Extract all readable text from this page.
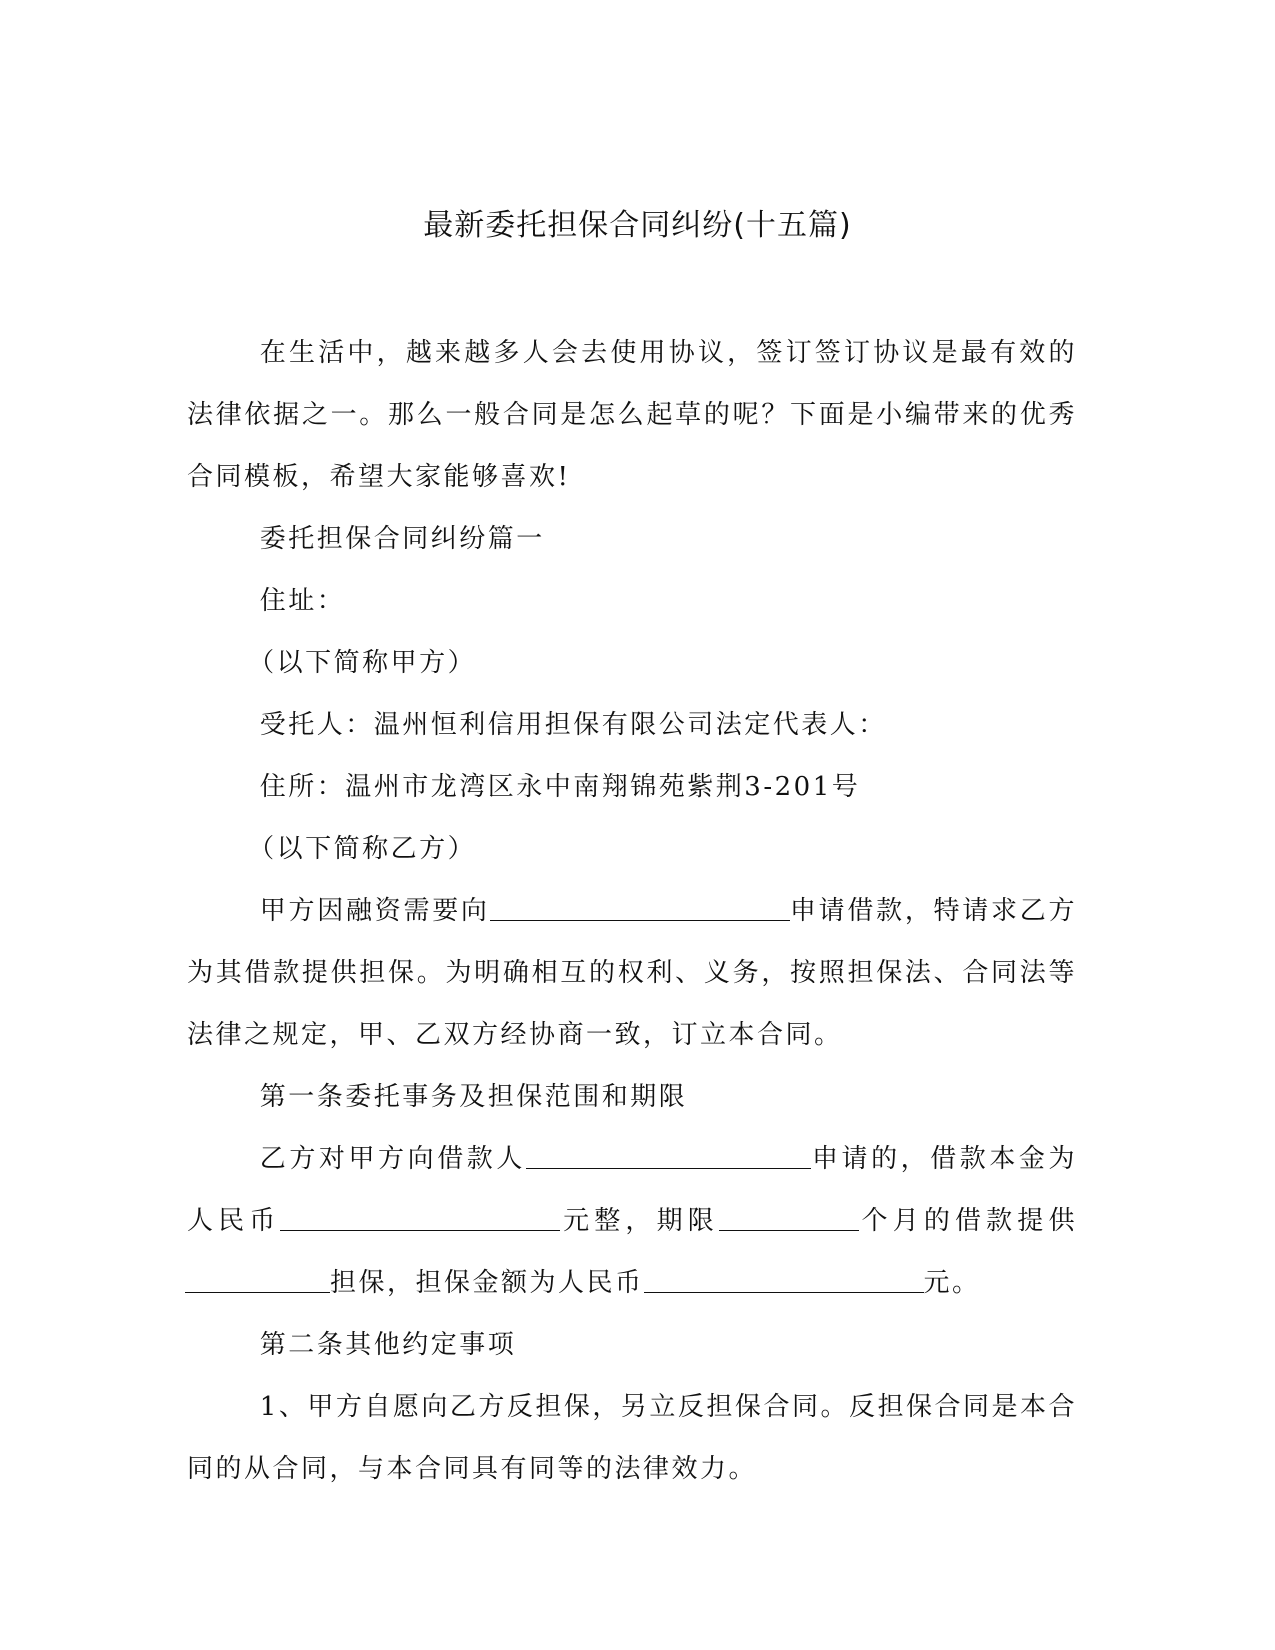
最新委托担保合同纠纷(十五篇)

在生活中，越来越多人会去使用协议，签订签订协议是最有效的法律依据之一。那么一般合同是怎么起草的呢？下面是小编带来的优秀合同模板，希望大家能够喜欢!

委托担保合同纠纷篇一

住址：

（以下简称甲方）

受托人：温州恒利信用担保有限公司法定代表人：

住所：温州市龙湾区永中南翔锦苑紫荆3-201号

（以下简称乙方）

甲方因融资需要向	申请借款，特请求乙方为其借款提供担保。为明确相互的权利、义务，按照担保法、合同法等法律之规定，甲、乙双方经协商一致，订立本合同。

第一条委托事务及担保范围和期限

乙方对甲方向借款人	申请的，借款本金为人民币	元整，期限	个月的借款提供担保，担保金额为人民币	元。

第二条其他约定事项

1、甲方自愿向乙方反担保，另立反担保合同。反担保合同是本合同的从合同，与本合同具有同等的法律效力。
